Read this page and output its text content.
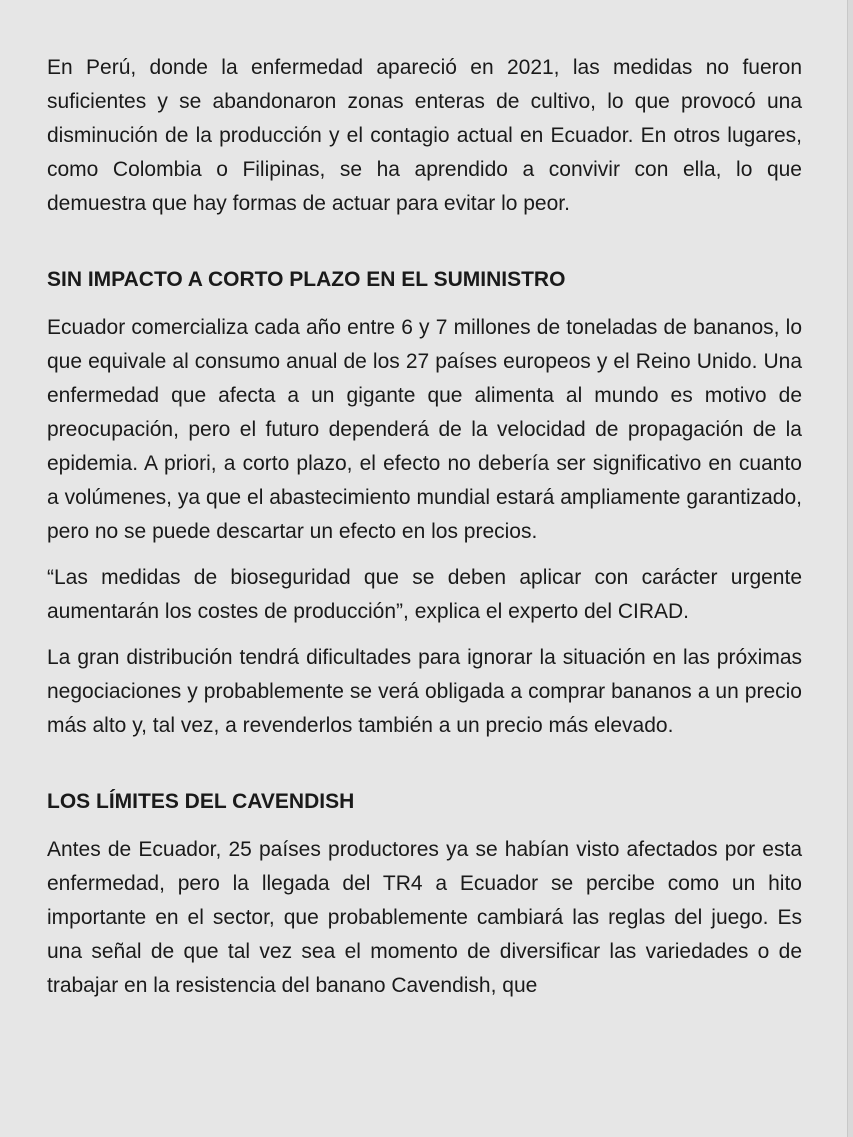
En Perú, donde la enfermedad apareció en 2021, las medidas no fueron suficientes y se abandonaron zonas enteras de cultivo, lo que provocó una disminución de la producción y el contagio actual en Ecuador. En otros lugares, como Colombia o Filipinas, se ha aprendido a convivir con ella, lo que demuestra que hay formas de actuar para evitar lo peor.

SIN IMPACTO A CORTO PLAZO EN EL SUMINISTRO

Ecuador comercializa cada año entre 6 y 7 millones de toneladas de bananos, lo que equivale al consumo anual de los 27 países europeos y el Reino Unido. Una enfermedad que afecta a un gigante que alimenta al mundo es motivo de preocupación, pero el futuro dependerá de la velocidad de propagación de la epidemia. A priori, a corto plazo, el efecto no debería ser significativo en cuanto a volúmenes, ya que el abastecimiento mundial estará ampliamente garantizado, pero no se puede descartar un efecto en los precios.

“Las medidas de bioseguridad que se deben aplicar con carácter urgente aumentarán los costes de producción”, explica el experto del CIRAD.

La gran distribución tendrá dificultades para ignorar la situación en las próximas negociaciones y probablemente se verá obligada a comprar bananos a un precio más alto y, tal vez, a revenderlos también a un precio más elevado.

LOS LÍMITES DEL CAVENDISH

Antes de Ecuador, 25 países productores ya se habían visto afectados por esta enfermedad, pero la llegada del TR4 a Ecuador se percibe como un hito importante en el sector, que probablemente cambiará las reglas del juego. Es una señal de que tal vez sea el momento de diversificar las variedades o de trabajar en la resistencia del banano Cavendish, que
